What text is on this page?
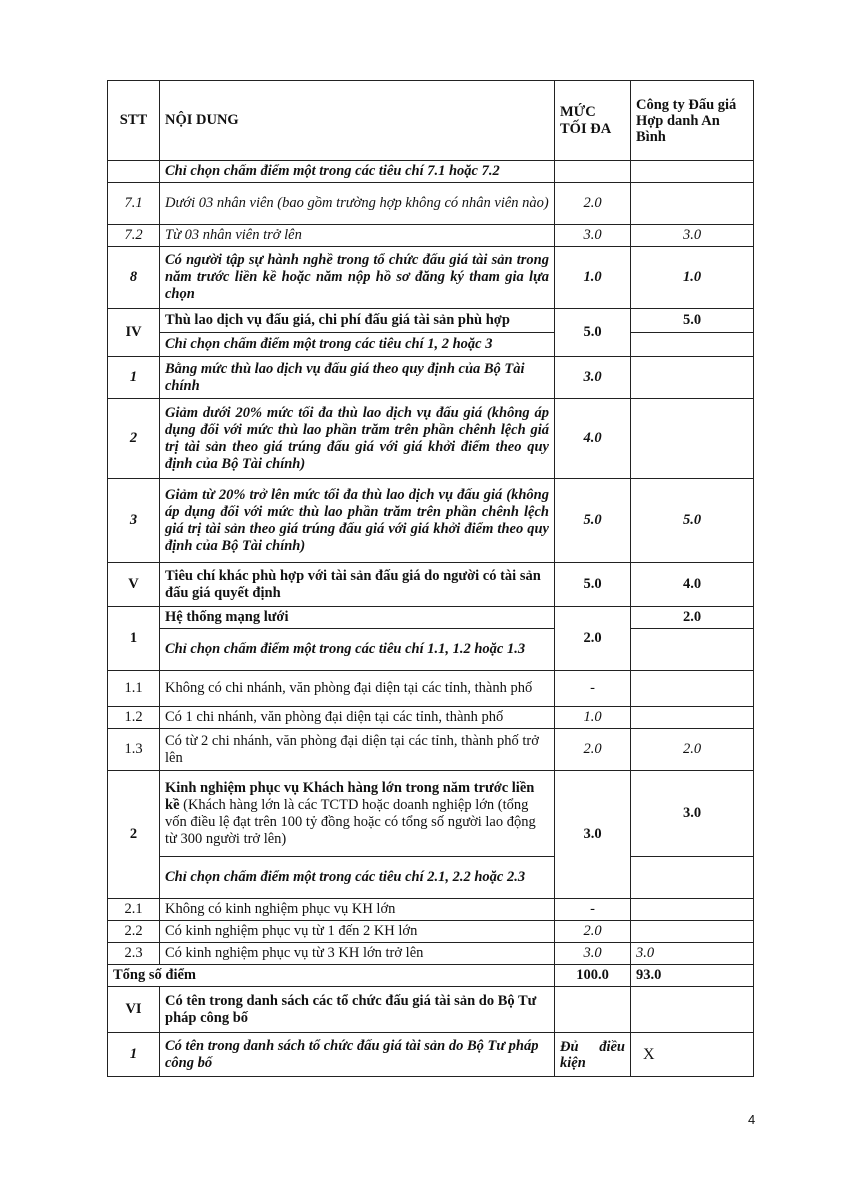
STT	NỘI DUNG	MỨC TỐI ĐA	Công ty Đấu giá Hợp danh An Bình
	Chỉ chọn chấm điểm một trong các tiêu chí 7.1 hoặc 7.2		
7.1	Dưới 03 nhân viên (bao gồm trường hợp không có nhân viên nào)	2.0	
7.2	Từ 03 nhân viên trở lên	3.0	3.0
8	Có người tập sự hành nghề trong tổ chức đấu giá tài sản trong năm trước liền kề hoặc năm nộp hồ sơ đăng ký tham gia lựa chọn	1.0	1.0
IV	Thù lao dịch vụ đấu giá, chi phí đấu giá tài sản phù hợp	5.0	5.0
	Chỉ chọn chấm điểm một trong các tiêu chí 1, 2 hoặc 3		
1	Bằng mức thù lao dịch vụ đấu giá theo quy định của Bộ Tài chính	3.0	
2	Giảm dưới 20% mức tối đa thù lao dịch vụ đấu giá (không áp dụng đối với mức thù lao phần trăm trên phần chênh lệch giá trị tài sản theo giá trúng đấu giá với giá khởi điểm theo quy định của Bộ Tài chính)	4.0	
3	Giảm từ 20% trở lên mức tối đa thù lao dịch vụ đấu giá (không áp dụng đối với mức thù lao phần trăm trên phần chênh lệch giá trị tài sản theo giá trúng đấu giá với giá khởi điểm theo quy định của Bộ Tài chính)	5.0	5.0
V	Tiêu chí khác phù hợp với tài sản đấu giá do người có tài sản đấu giá quyết định	5.0	4.0
1	Hệ thống mạng lưới	2.0	2.0
	Chỉ chọn chấm điểm một trong các tiêu chí 1.1, 1.2 hoặc 1.3		
1.1	Không có chi nhánh, văn phòng đại diện tại các tỉnh, thành phố	-	
1.2	Có 1 chi nhánh, văn phòng đại diện tại các tỉnh, thành phố	1.0	
1.3	Có từ 2 chi nhánh, văn phòng đại diện tại các tỉnh, thành phố trở lên	2.0	2.0
2	Kinh nghiệm phục vụ Khách hàng lớn trong năm trước liền kề (Khách hàng lớn là các TCTD hoặc doanh nghiệp lớn (tổng vốn điều lệ đạt trên 100 tỷ đồng hoặc có tổng số người lao động từ 300 người trở lên)	3.0	3.0
	Chỉ chọn chấm điểm một trong các tiêu chí 2.1, 2.2 hoặc 2.3		
2.1	Không có kinh nghiệm phục vụ KH lớn	-	
2.2	Có kinh nghiệm phục vụ từ 1 đến 2 KH lớn	2.0	
2.3	Có kinh nghiệm phục vụ từ 3 KH lớn trở lên	3.0	3.0
Tổng số điểm		100.0	93.0
VI	Có tên trong danh sách các tổ chức đấu giá tài sản do Bộ Tư pháp công bố		
1	Có tên trong danh sách tổ chức đấu giá tài sản do Bộ Tư pháp công bố	Đủ điều kiện	X
4
